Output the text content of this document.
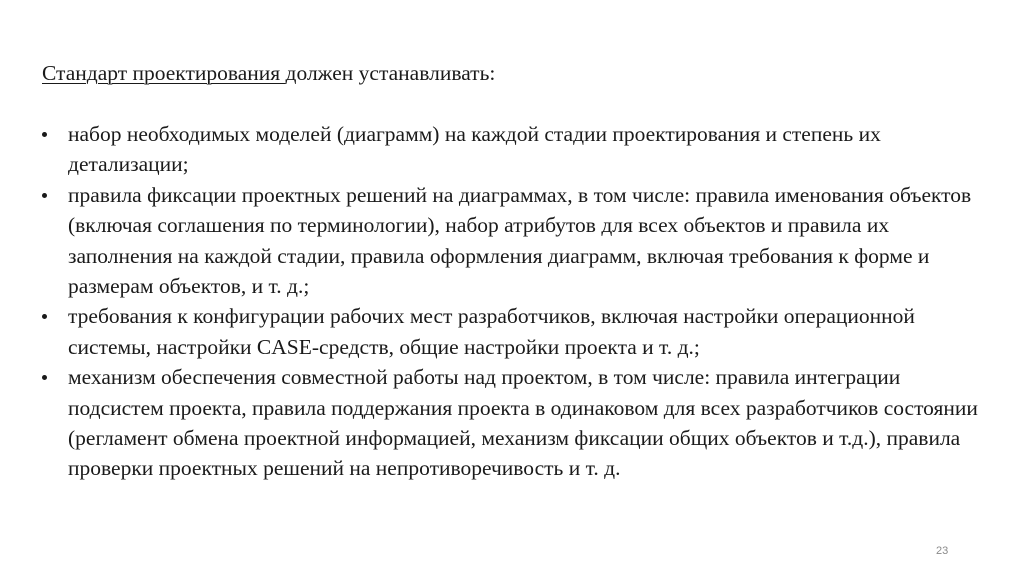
Стандарт проектирования должен устанавливать:
набор необходимых моделей (диаграмм) на каждой стадии проектирования и степень их детализации;
правила фиксации проектных решений на диаграммах, в том числе: правила именования объектов (включая соглашения по терминологии), набор атрибутов для всех объектов и правила их заполнения на каждой стадии, правила оформления диаграмм, включая требования к форме и размерам объектов, и т. д.;
требования к конфигурации рабочих мест разработчиков, включая настройки операционной системы, настройки CASE-средств, общие настройки проекта и т. д.;
механизм обеспечения совместной работы над проектом, в том числе: правила интеграции подсистем проекта, правила поддержания проекта в одинаковом для всех разработчиков состоянии (регламент обмена проектной информацией, механизм фиксации общих объектов и т.д.), правила проверки проектных решений на непротиворечивость и т. д.
23
